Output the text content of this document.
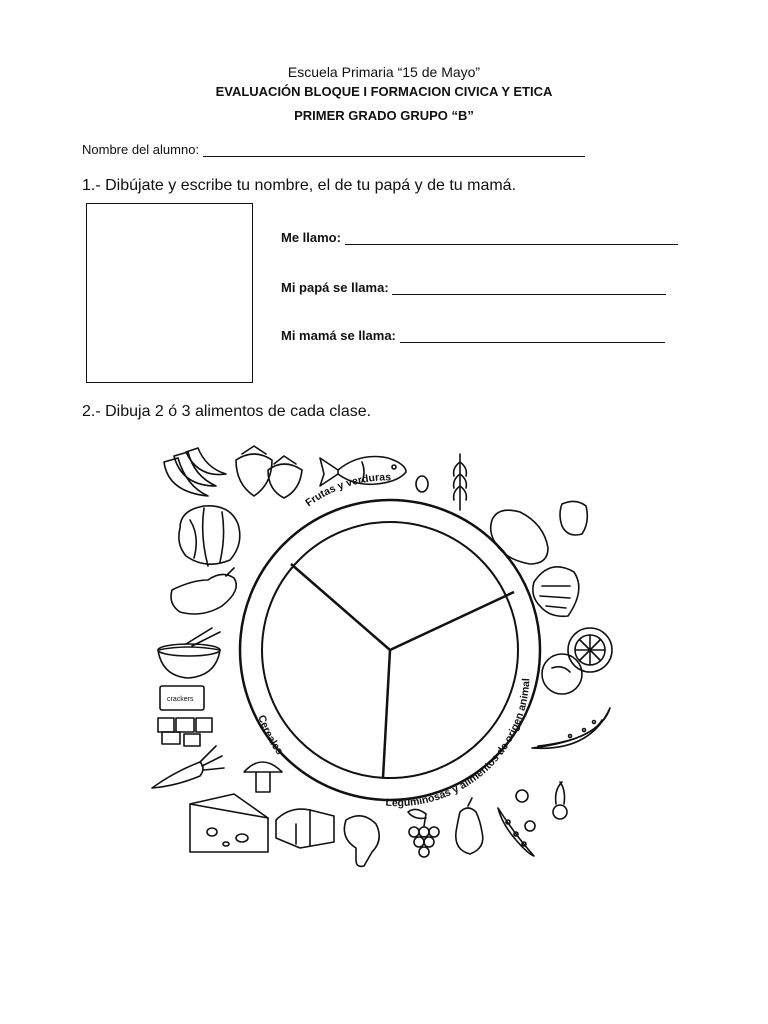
Escuela Primaria “15 de Mayo”
EVALUACIÓN BLOQUE I FORMACION CIVICA Y ETICA
PRIMER GRADO GRUPO “B”
Nombre del alumno:
1.- Dibújate y escribe tu nombre, el de tu papá y de tu mamá.
Me llamo:
Mi papá se llama:
Mi mamá se llama:
2.- Dibuja 2 ó 3 alimentos de cada clase.
Frutas y verduras
Leguminosas y alimentos de origen animal
Cereales
crackers
